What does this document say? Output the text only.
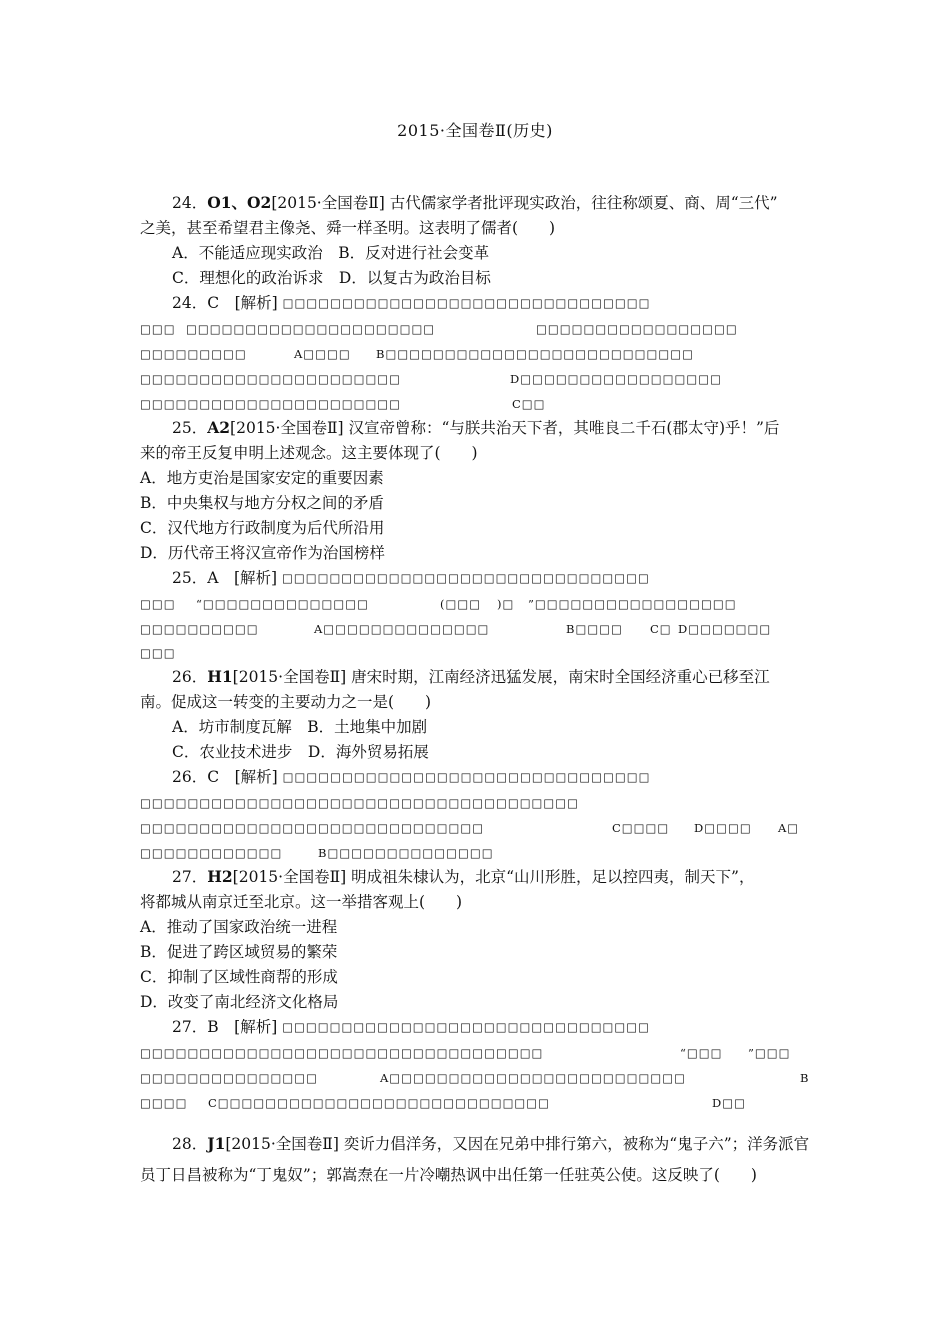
2015·全国卷Ⅱ(历史)
24．O1、O2[2015·全国卷Ⅱ] 古代儒家学者批评现实政治，往往称颂夏、商、周“三代”
之美，甚至希望君主像尧、舜一样圣明。这表明了儒者(　　)
A．不能适应现实政治　 B．反对进行社会变革
C．理想化的政治诉求　 D．以复古为政治目标
24．C　 [解析] □□□□□□□□□□□□□□□□□□□□□□□□□□□□□□□
□□□ □□□□□□□□□□□□□□□□□□□□□	□□□□□□□□□□□□□□□□□
□□□□□□□□□	A□□□□ B□□□□□□□□□□□□□□□□□□□□□□□□□□
□□□□□□□□□□□□□□□□□□□□□□	D□□□□□□□□□□□□□□□□□
□□□□□□□□□□□□□□□□□□□□□□	C□□
25．A2[2015·全国卷Ⅱ] 汉宣帝曾称：“与朕共治天下者，其唯良二千石(郡太守)乎！”后
来的帝王反复申明上述观念。这主要体现了(　　)
A．地方吏治是国家安定的重要因素
B．中央集权与地方分权之间的矛盾
C．汉代地方行政制度为后代所沿用
D．历代帝王将汉宣帝作为治国榜样
25．A　 [解析] □□□□□□□□□□□□□□□□□□□□□□□□□□□□□□□
□□□ “□□□□□□□□□□□□□□	(□□□ )□ ”□□□□□□□□□□□□□□□□□
□□□□□□□□□□	A□□□□□□□□□□□□□□	B□□□□ C□ D□□□□□□□
□□□
26．H1[2015·全国卷Ⅱ] 唐宋时期，江南经济迅猛发展，南宋时全国经济重心已移至江
南。促成这一转变的主要动力之一是(　　)
A．坊市制度瓦解　 B．土地集中加剧
C．农业技术进步　 D．海外贸易拓展
26．C　 [解析] □□□□□□□□□□□□□□□□□□□□□□□□□□□□□□□
□□□□□□□□□□□□□□□□□□□□□□□□□□□□□□□□□□□□□
□□□□□□□□□□□□□□□□□□□□□□□□□□□□□	C□□□□ D□□□□ A□
□□□□□□□□□□□□	B□□□□□□□□□□□□□□
27．H2[2015·全国卷Ⅱ] 明成祖朱棣认为，北京“山川形胜，足以控四夷，制天下”，
将都城从南京迁至北京。这一举措客观上(　　)
A．推动了国家政治统一进程
B．促进了跨区域贸易的繁荣
C．抑制了区域性商帮的形成
D．改变了南北经济文化格局
27．B　 [解析] □□□□□□□□□□□□□□□□□□□□□□□□□□□□□□□
□□□□□□□□□□□□□□□□□□□□□□□□□□□□□□□□□□	“□□□ ”□□□
□□□□□□□□□□□□□□□	A□□□□□□□□□□□□□□□□□□□□□□□□□	B
□□□□ C□□□□□□□□□□□□□□□□□□□□□□□□□□□□	D□□
28．J1[2015·全国卷Ⅱ] 奕䜣力倡洋务，又因在兄弟中排行第六，被称为“鬼子六”；洋务派官员丁日昌被称为“丁鬼奴”；郭嵩焘在一片冷嘲热讽中出任第一任驻英公使。这反映了(　　)
